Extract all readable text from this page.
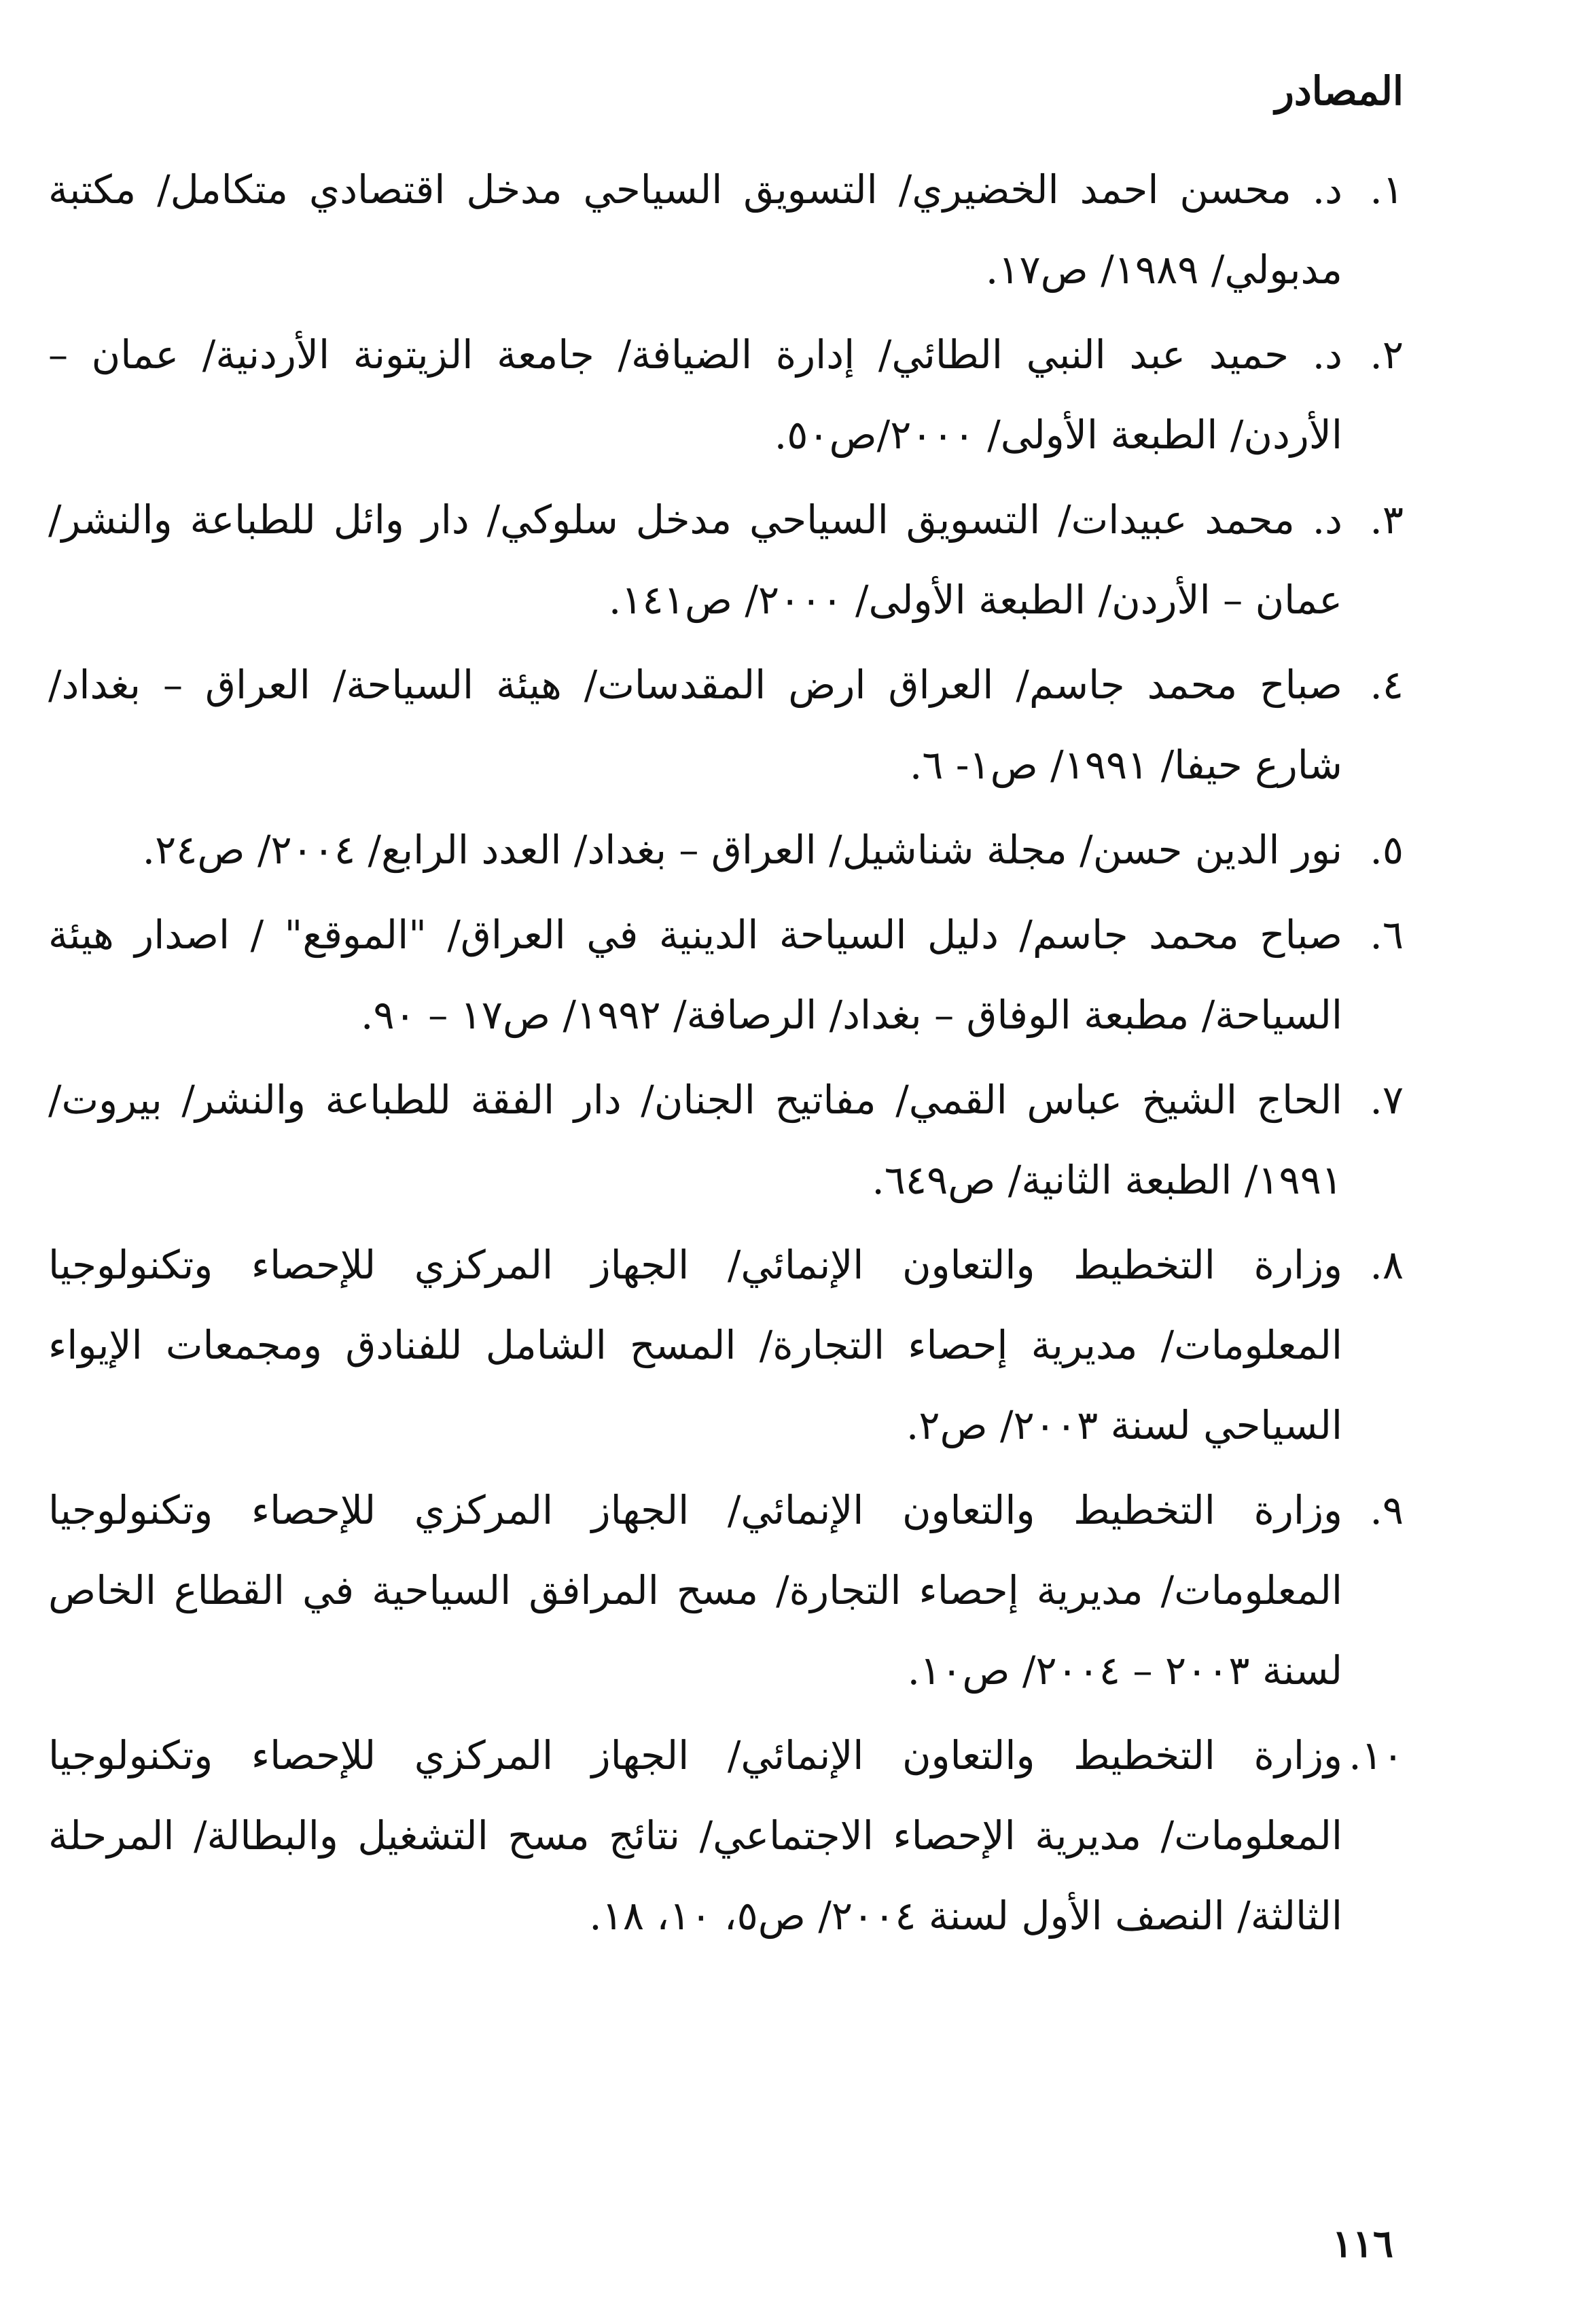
المصادر
١.
د. محسن احمد الخضيري/ التسويق السياحي مدخل اقتصادي متكامل/ مكتبة مدبولي/ ١٩٨٩/ ص١٧.
٢.
د. حميد عبد النبي الطائي/ إدارة الضيافة/ جامعة الزيتونة الأردنية/ عمان – الأردن/ الطبعة الأولى/ ٢٠٠٠/ص٥٠.
٣.
د. محمد عبيدات/ التسويق السياحي مدخل سلوكي/ دار وائل للطباعة والنشر/ عمان – الأردن/ الطبعة الأولى/ ٢٠٠٠/ ص١٤١.
٤.
صباح محمد جاسم/ العراق ارض المقدسات/ هيئة السياحة/ العراق – بغداد/ شارع حيفا/ ١٩٩١/ ص١- ٦.
٥.
نور الدين حسن/ مجلة شناشيل/ العراق – بغداد/ العدد الرابع/ ٢٠٠٤/ ص٢٤.
٦.
صباح محمد جاسم/ دليل السياحة الدينية في العراق/ "الموقع" / اصدار هيئة السياحة/ مطبعة الوفاق – بغداد/ الرصافة/ ١٩٩٢/ ص١٧ – ٩٠.
٧.
الحاج الشيخ عباس القمي/ مفاتيح الجنان/ دار الفقة للطباعة والنشر/ بيروت/ ١٩٩١/ الطبعة الثانية/ ص٦٤٩.
٨.
وزارة التخطيط والتعاون الإنمائي/ الجهاز المركزي للإحصاء وتكنولوجيا المعلومات/ مديرية إحصاء التجارة/ المسح الشامل للفنادق ومجمعات الإيواء السياحي لسنة ٢٠٠٣/ ص٢.
٩.
وزارة التخطيط والتعاون الإنمائي/ الجهاز المركزي للإحصاء وتكنولوجيا المعلومات/ مديرية إحصاء التجارة/ مسح المرافق السياحية في القطاع الخاص لسنة ٢٠٠٣ – ٢٠٠٤/ ص١٠.
١٠.
وزارة التخطيط والتعاون الإنمائي/ الجهاز المركزي للإحصاء وتكنولوجيا المعلومات/ مديرية الإحصاء الاجتماعي/ نتائج مسح التشغيل والبطالة/ المرحلة الثالثة/ النصف الأول لسنة ٢٠٠٤/ ص٥، ١٠، ١٨.
١١٦
